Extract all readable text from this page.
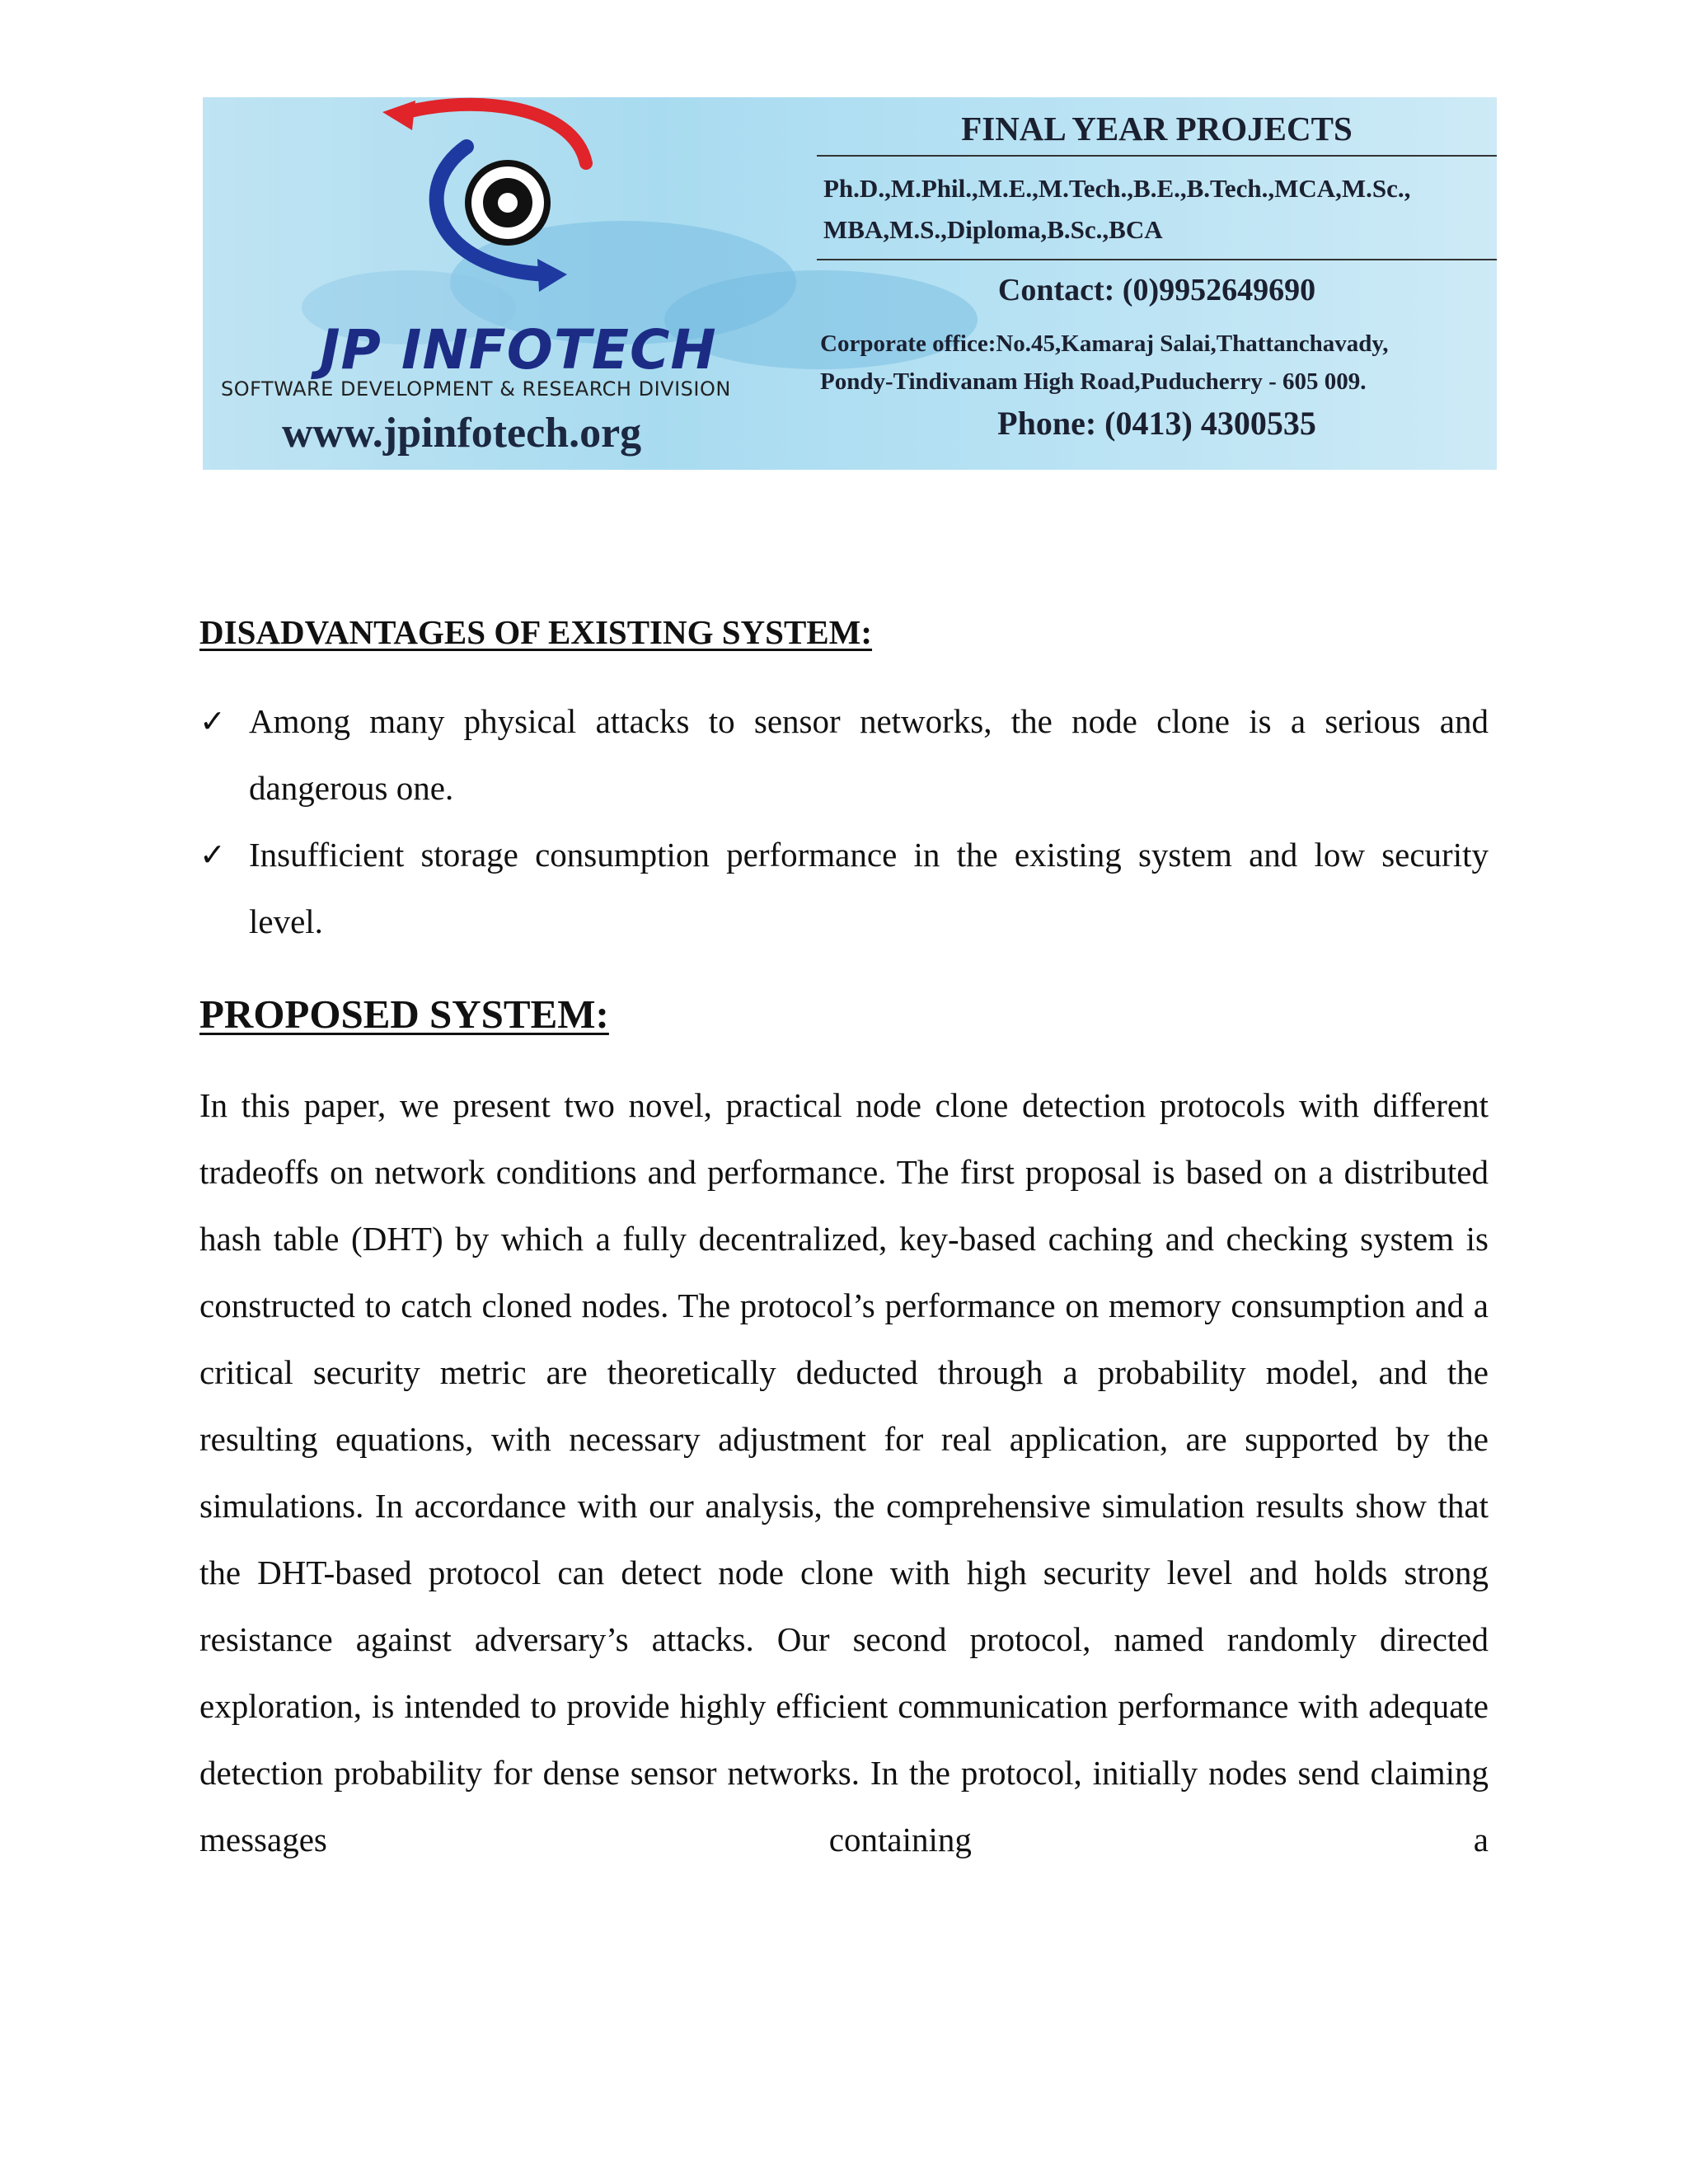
JP INFOTECH
SOFTWARE DEVELOPMENT & RESEARCH DIVISION
www.jpinfotech.org
FINAL YEAR PROJECTS
Ph.D.,M.Phil.,M.E.,M.Tech.,B.E.,B.Tech.,MCA,M.Sc.,
MBA,M.S.,Diploma,B.Sc.,BCA
Contact: (0)9952649690
Corporate office:No.45,Kamaraj Salai,Thattanchavady,
Pondy-Tindivanam High Road,Puducherry - 605 009.
Phone: (0413) 4300535
DISADVANTAGES OF EXISTING SYSTEM:
✓ Among many physical attacks to sensor networks, the node clone is a serious and dangerous one.
✓ Insufficient storage consumption performance in the existing system and low security level.
PROPOSED SYSTEM:

In this paper, we present two novel, practical node clone detection protocols with different tradeoffs on network conditions and performance. The first proposal is based on a distributed hash table (DHT) by which a fully decentralized, key-based caching and checking system is constructed to catch cloned nodes. The protocol’s performance on memory consumption and a critical security metric are theoretically deducted through a probability model, and the resulting equations, with necessary adjustment for real application, are supported by the simulations. In accordance with our analysis, the comprehensive simulation results show that the DHT-based protocol can detect node clone with high security level and holds strong resistance against adversary’s attacks. Our second protocol, named randomly directed exploration, is intended to provide highly efficient communication performance with adequate detection probability for dense sensor networks. In the protocol, initially nodes send claiming messages containing a
